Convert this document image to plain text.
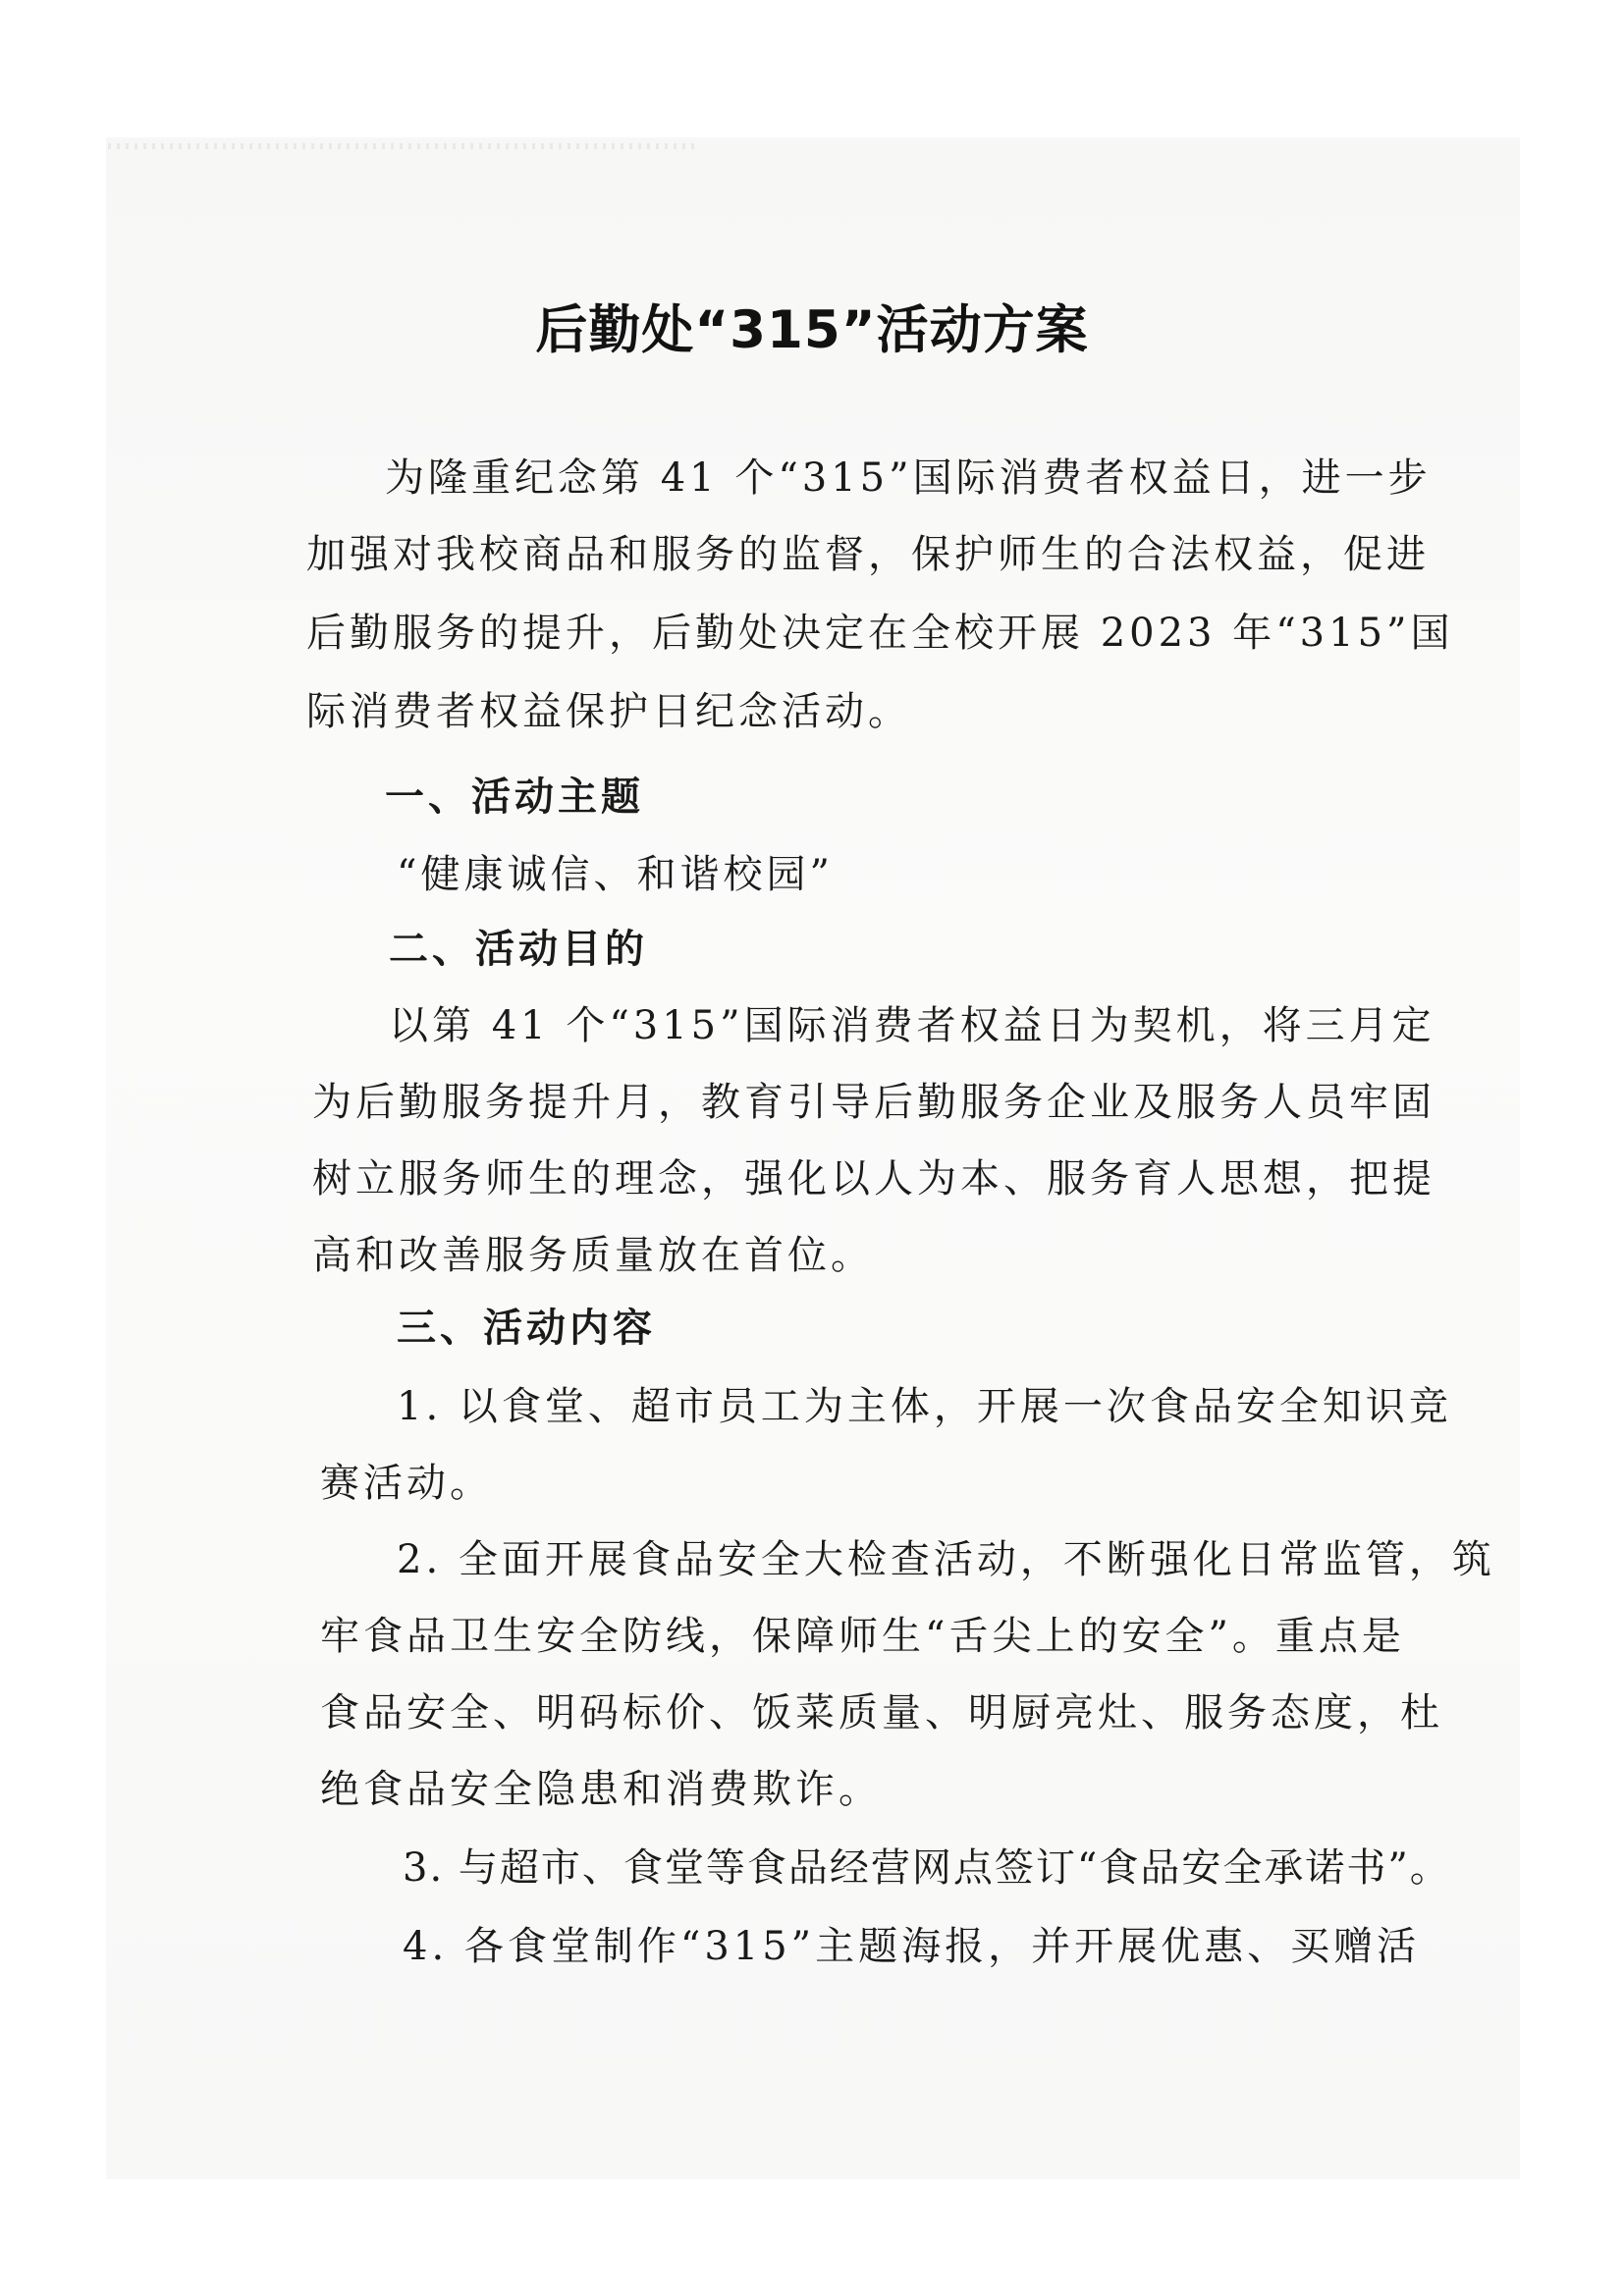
后勤处“315”活动方案

为隆重纪念第 41 个“315”国际消费者权益日，进一步

加强对我校商品和服务的监督，保护师生的合法权益，促进

后勤服务的提升，后勤处决定在全校开展 2023 年“315”国

际消费者权益保护日纪念活动。

一、活动主题

“健康诚信、和谐校园”

二、活动目的

以第 41 个“315”国际消费者权益日为契机，将三月定

为后勤服务提升月，教育引导后勤服务企业及服务人员牢固

树立服务师生的理念，强化以人为本、服务育人思想，把提

高和改善服务质量放在首位。

三、活动内容

1. 以食堂、超市员工为主体，开展一次食品安全知识竞

赛活动。

2. 全面开展食品安全大检查活动，不断强化日常监管，筑

牢食品卫生安全防线，保障师生“舌尖上的安全”。重点是

食品安全、明码标价、饭菜质量、明厨亮灶、服务态度，杜

绝食品安全隐患和消费欺诈。

3. 与超市、食堂等食品经营网点签订“食品安全承诺书”。

4. 各食堂制作“315”主题海报，并开展优惠、买赠活
